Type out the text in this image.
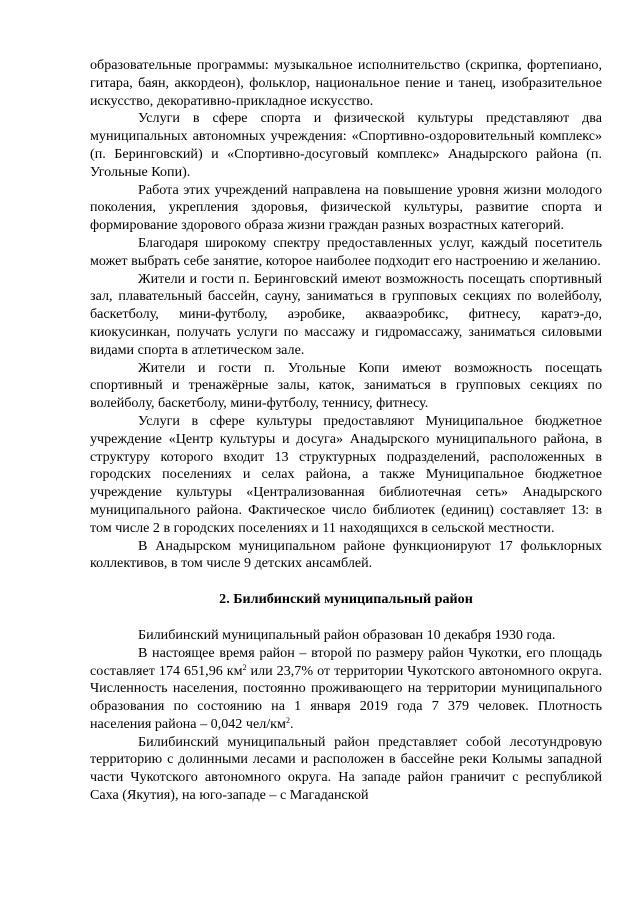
образовательные программы: музыкальное исполнительство (скрипка, фортепиано, гитара, баян, аккордеон), фольклор, национальное пение и танец, изобразительное искусство, декоративно-прикладное искусство.

Услуги в сфере спорта и физической культуры представляют два муниципальных автономных учреждения: «Спортивно-оздоровительный комплекс» (п. Беринговский) и «Спортивно-досуговый комплекс» Анадырского района (п. Угольные Копи).

Работа этих учреждений направлена на повышение уровня жизни молодого поколения, укрепления здоровья, физической культуры, развитие спорта и формирование здорового образа жизни граждан разных возрастных категорий.

Благодаря широкому спектру предоставленных услуг, каждый посетитель может выбрать себе занятие, которое наиболее подходит его настроению и желанию.

Жители и гости п. Беринговский имеют возможность посещать спортивный зал, плавательный бассейн, сауну, заниматься в групповых секциях по волейболу, баскетболу, мини-футболу, аэробике, аквааэробикс, фитнесу, каратэ-до, киокусинкан, получать услуги по массажу и гидромассажу, заниматься силовыми видами спорта в атлетическом зале.

Жители и гости п. Угольные Копи имеют возможность посещать спортивный и тренажёрные залы, каток, заниматься в групповых секциях по волейболу, баскетболу, мини-футболу, теннису, фитнесу.

Услуги в сфере культуры предоставляют Муниципальное бюджетное учреждение «Центр культуры и досуга» Анадырского муниципального района, в структуру которого входит 13 структурных подразделений, расположенных в городских поселениях и селах района, а также Муниципальное бюджетное учреждение культуры «Централизованная библиотечная сеть» Анадырского муниципального района. Фактическое число библиотек (единиц) составляет 13: в том числе 2 в городских поселениях и 11 находящихся в сельской местности.

В Анадырском муниципальном районе функционируют 17 фольклорных коллективов, в том числе 9 детских ансамблей.

2. Билибинский муниципальный район

Билибинский муниципальный район образован 10 декабря 1930 года.

В настоящее время район – второй по размеру район Чукотки, его площадь составляет 174 651,96 $км^2$ или 23,7% от территории Чукотского автономного округа. Численность населения, постоянно проживающего на территории муниципального образования по состоянию на 1 января 2019 года 7 379 человек. Плотность населения района – 0,042 чел/$км^2$.

Билибинский муниципальный район представляет собой лесотундровую территорию с долинными лесами и расположен в бассейне реки Колымы западной части Чукотского автономного округа. На западе район граничит с республикой Саха (Якутия), на юго-западе – с Магаданской
